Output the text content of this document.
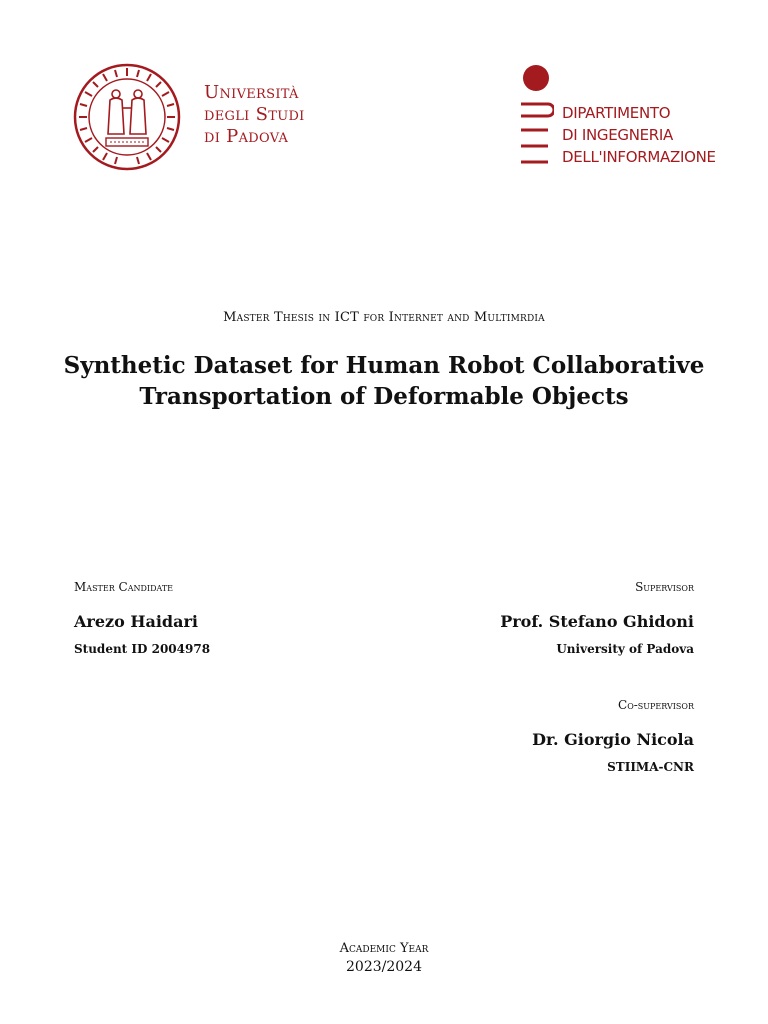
Università
degli Studi
di Padova
DIPARTIMENTO
DI INGEGNERIA
DELL'INFORMAZIONE
Master Thesis in ICT for Internet and Multimrdia
Synthetic Dataset for Human Robot Collaborative
Transportation of Deformable Objects
Master Candidate
Arezo Haidari
Student ID 2004978
Supervisor
Prof. Stefano Ghidoni
University of Padova
Co-supervisor
Dr. Giorgio Nicola
STIIMA-CNR
Academic Year
2023/2024
